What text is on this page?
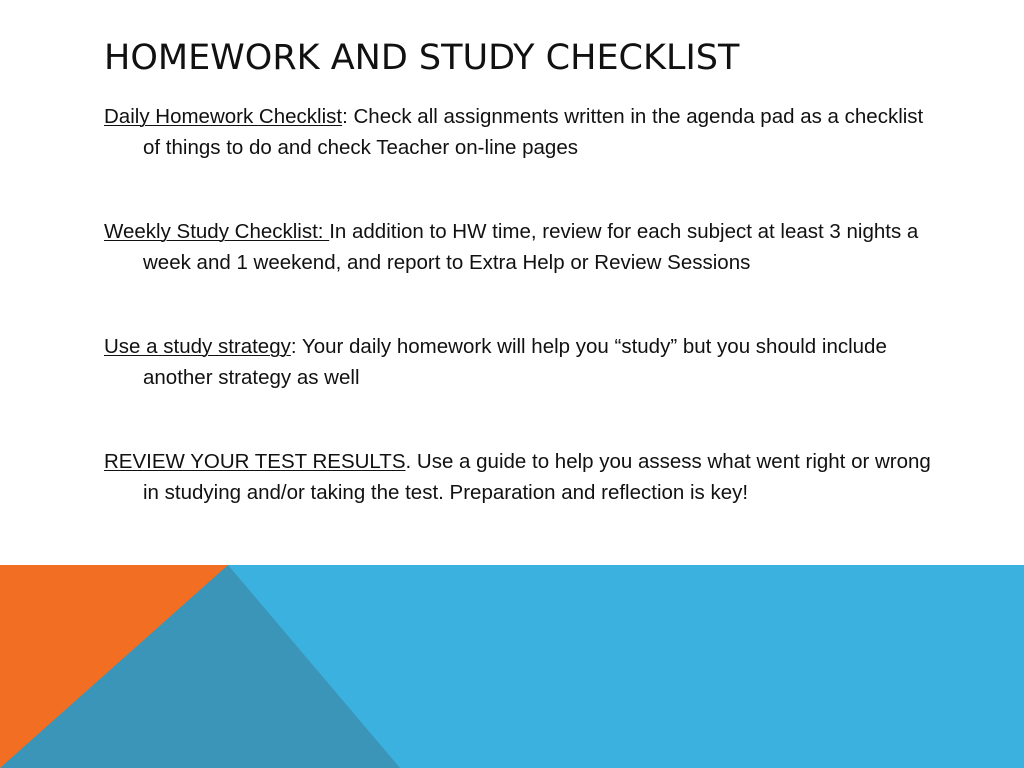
HOMEWORK AND STUDY CHECKLIST

Daily Homework Checklist: Check all assignments written in the agenda pad as a checklist of things to do and check Teacher on-line pages

Weekly Study Checklist: In addition to HW time, review for each subject at least 3 nights a week and 1 weekend, and report to Extra Help or Review Sessions

Use a study strategy: Your daily homework will help you “study” but you should include another strategy as well

REVIEW YOUR TEST RESULTS. Use a guide to help you assess what went right or wrong in studying and/or taking the test. Preparation and reflection is key!
